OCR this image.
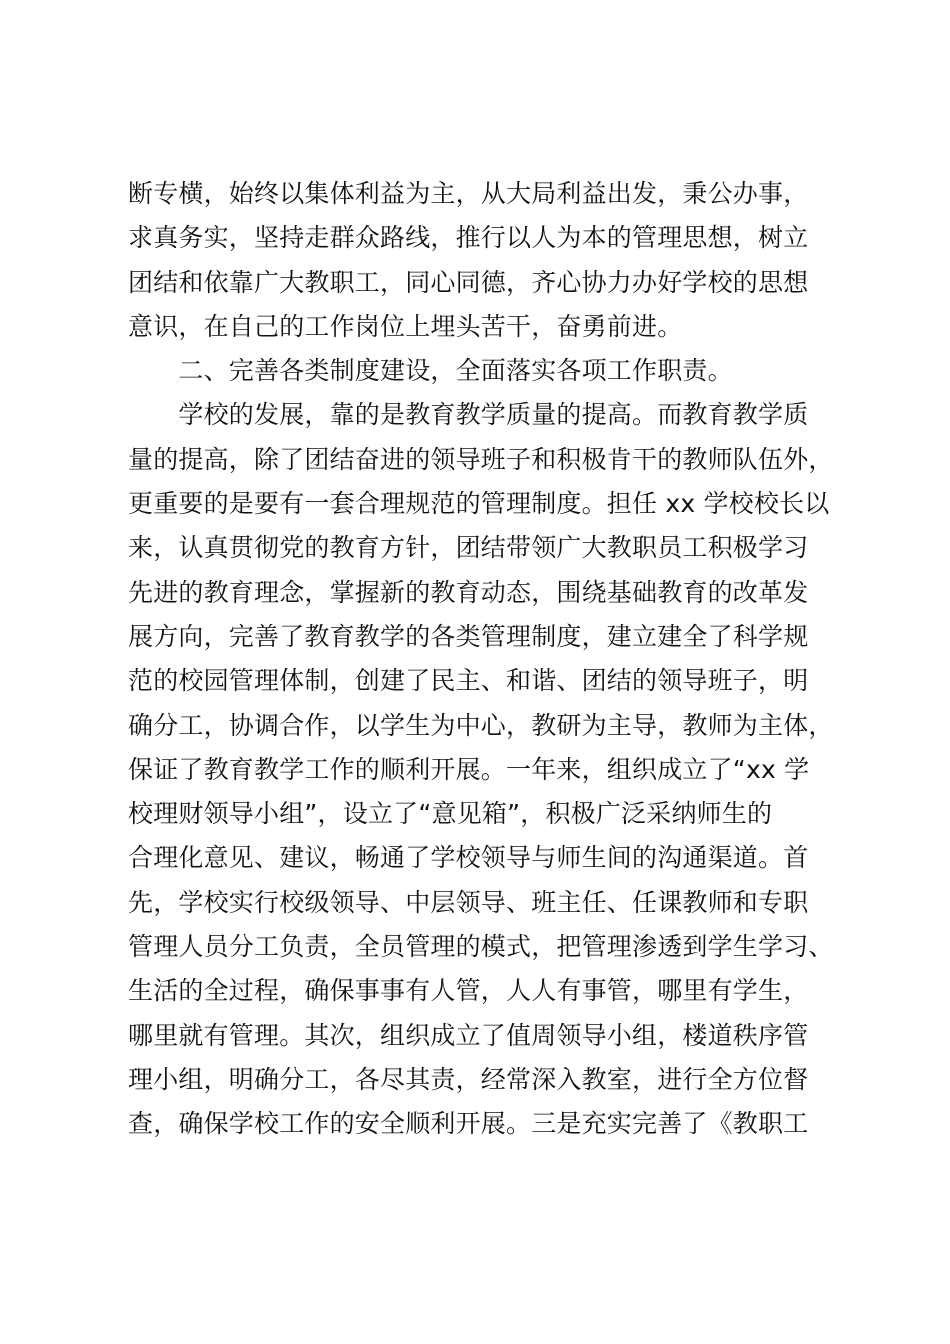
断专横，始终以集体利益为主，从大局利益出发，秉公办事，
求真务实，坚持走群众路线，推行以人为本的管理思想，树立
团结和依靠广大教职工，同心同德，齐心协力办好学校的思想
意识，在自己的工作岗位上埋头苦干，奋勇前进。
　　二、完善各类制度建设，全面落实各项工作职责。
　　学校的发展，靠的是教育教学质量的提高。而教育教学质
量的提高，除了团结奋进的领导班子和积极肯干的教师队伍外，
更重要的是要有一套合理规范的管理制度。担任 xx 学校校长以
来，认真贯彻党的教育方针，团结带领广大教职员工积极学习
先进的教育理念，掌握新的教育动态，围绕基础教育的改革发
展方向，完善了教育教学的各类管理制度，建立建全了科学规
范的校园管理体制，创建了民主、和谐、团结的领导班子，明
确分工，协调合作，以学生为中心，教研为主导，教师为主体，
保证了教育教学工作的顺利开展。一年来，组织成立了“xx 学
校理财领导小组”，设立了“意见箱”，积极广泛采纳师生的
合理化意见、建议，畅通了学校领导与师生间的沟通渠道。首
先，学校实行校级领导、中层领导、班主任、任课教师和专职
管理人员分工负责，全员管理的模式，把管理渗透到学生学习、
生活的全过程，确保事事有人管，人人有事管，哪里有学生，
哪里就有管理。其次，组织成立了值周领导小组，楼道秩序管
理小组，明确分工，各尽其责，经常深入教室，进行全方位督
查，确保学校工作的安全顺利开展。三是充实完善了《教职工
